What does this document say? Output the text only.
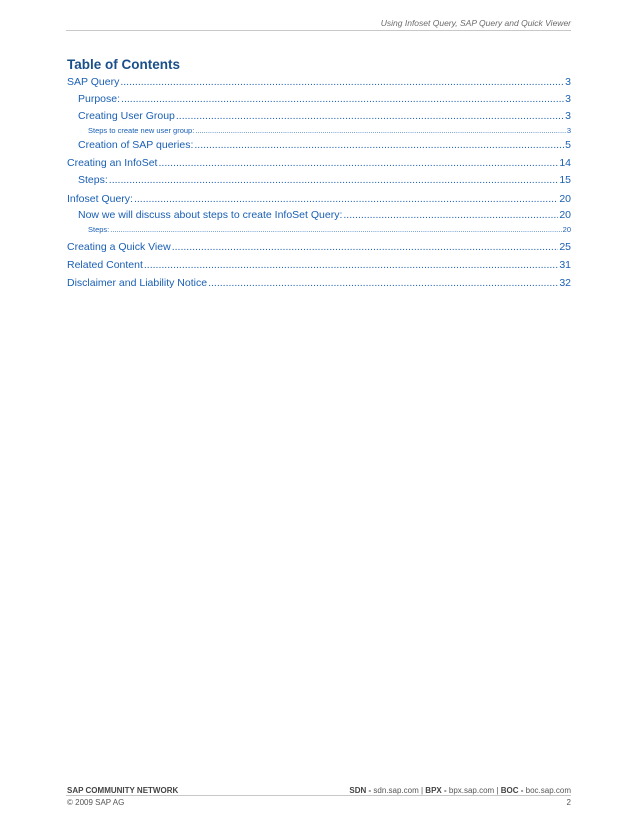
Using Infoset Query, SAP Query and Quick Viewer
Table of Contents
SAP Query .....	3
Purpose: .....	3
Creating User Group .....	3
Steps to create new user group: .....	3
Creation of SAP queries: .....	5
Creating an InfoSet .....	14
Steps: .....	15
Infoset Query: .....	20
Now we will discuss about steps to create InfoSet Query: .....	20
Steps: .....	20
Creating a Quick View .....	25
Related Content .....	31
Disclaimer and Liability Notice .....	32
SAP COMMUNITY NETWORK
© 2009 SAP AG
SDN - sdn.sap.com | BPX - bpx.sap.com | BOC - boc.sap.com
2
